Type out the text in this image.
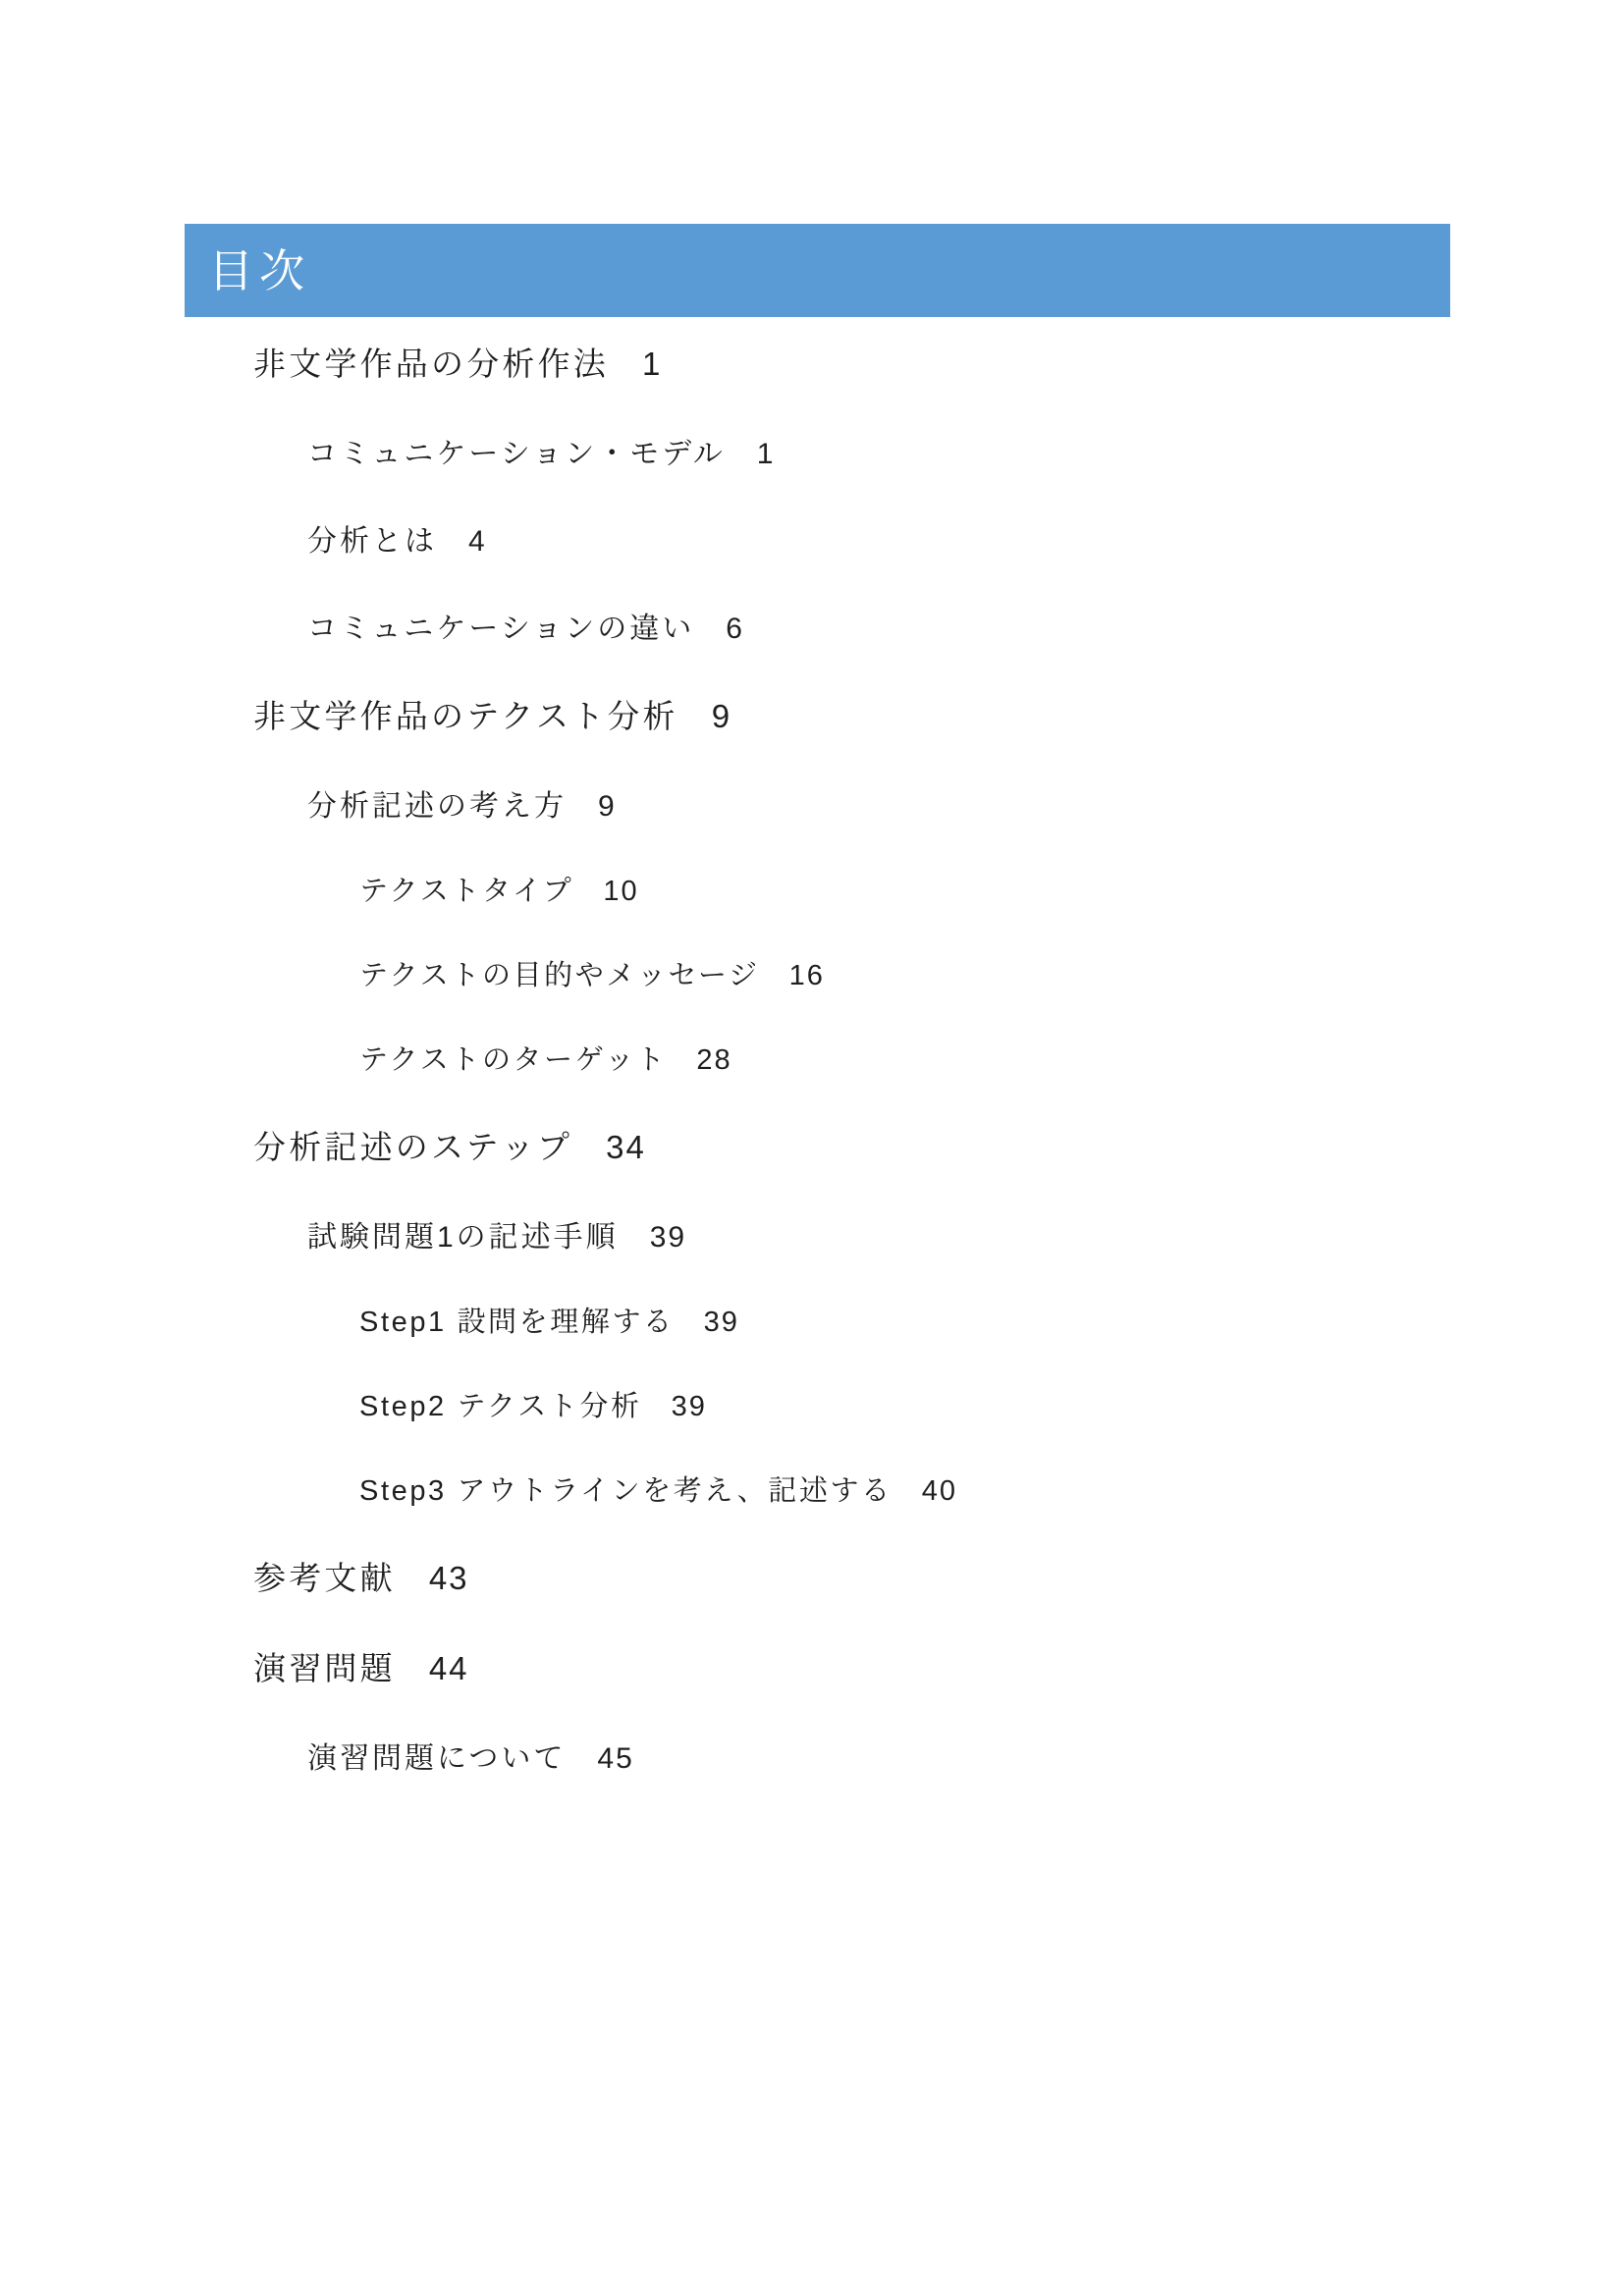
目次
非文学作品の分析作法 1
コミュニケーション・モデル 1
分析とは 4
コミュニケーションの違い 6
非文学作品のテクスト分析 9
分析記述の考え方 9
テクストタイプ 10
テクストの目的やメッセージ 16
テクストのターゲット 28
分析記述のステップ 34
試験問題1の記述手順 39
Step1 設問を理解する 39
Step2 テクスト分析 39
Step3 アウトラインを考え、記述する 40
参考文献 43
演習問題 44
演習問題について 45
